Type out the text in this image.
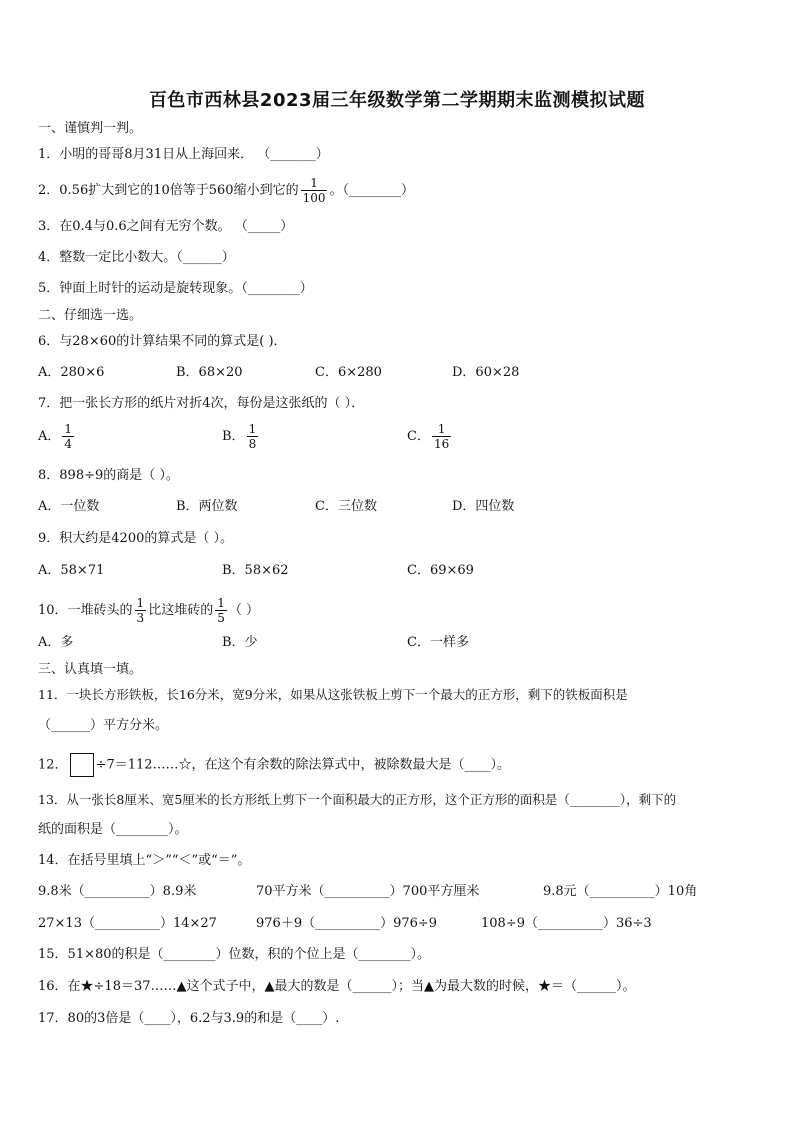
百色市西林县2023届三年级数学第二学期期末监测模拟试题
一、谨慎判一判。
1．小明的哥哥8月31日从上海回来． （_______）
2．0.56扩大到它的10倍等于560缩小到它的 $\frac{1}{100}$ 。（________）
3．在0.4与0.6之间有无穷个数。 （_____）
4．整数一定比小数大。（______）
5．钟面上时针的运动是旋转现象。（________）
二、仔细选一选。
6．与28×60的计算结果不同的算式是( )．
A．280×6	B．68×20	C．6×280	D．60×28
7．把一张长方形的纸片对折4次，每份是这张纸的（ ）．
A． $\frac{1}{4}$	B． $\frac{1}{8}$	C． $\frac{1}{16}$
8．898÷9的商是（ ）。
A．一位数	B．两位数	C．三位数	D．四位数
9．积大约是4200的算式是（ ）。
A．58×71	B．58×62	C．69×69
10．一堆砖头的 $\frac{1}{3}$ 比这堆砖的 $\frac{1}{5}$ （ ）
A．多	B．少	C．一样多
三、认真填一填。
11．一块长方形铁板，长16分米，宽9分米，如果从这张铁板上剪下一个最大的正方形，剩下的铁板面积是
（______）平方分米。
12． ÷7＝112……☆，在这个有余数的除法算式中，被除数最大是（____）。
13．从一张长8厘米、宽5厘米的长方形纸上剪下一个面积最大的正方形，这个正方形的面积是（________），剩下的
纸的面积是（________）。
14．在括号里填上“＞”“＜”或“＝”。
9.8米（__________）8.9米	70平方米（__________）700平方厘米	9.8元（__________）10角
27×13（__________）14×27	976＋9（__________）976÷9	108÷9（__________）36÷3
15．51×80的积是（________）位数，积的个位上是（________）。
16．在★÷18＝37……▲这个式子中，▲最大的数是（______）；当▲为最大数的时候，★＝（______）。
17．80的3倍是（____），6.2与3.9的和是（____）.
